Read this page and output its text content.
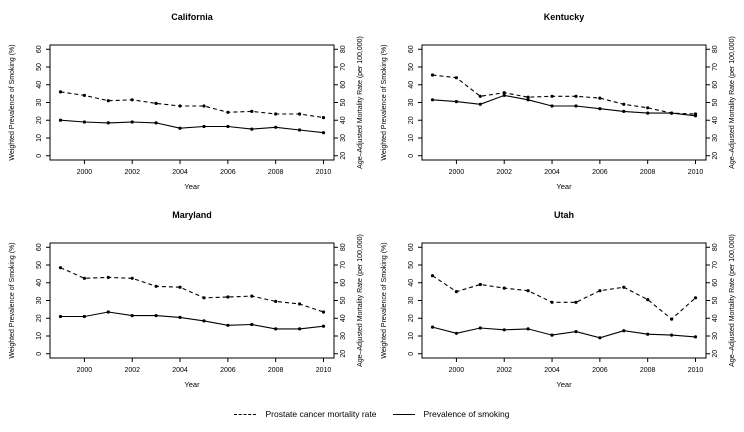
California
2000	2002	2004	2006	2008	2010
Year
0
10
20
30
40
50
60
20
30
40
50
60
70
80
Weighted Prevalence of Smoking (%)	Age–Adjusted Mortality Rate (per 100,000)
Kentucky
2000	2002	2004	2006	2008	2010
Year
0
10
20
30
40
50
60
20
30
40
50
60
70
80
Weighted Prevalence of Smoking (%)	Age–Adjusted Mortality Rate (per 100,000)
Maryland
2000	2002	2004	2006	2008	2010
Year
0
10
20
30
40
50
60
20
30
40
50
60
70
80
Weighted Prevalence of Smoking (%)	Age–Adjusted Mortality Rate (per 100,000)
Utah
2000	2002	2004	2006	2008	2010
Year
0
10
20
30
40
50
60
20
30
40
50
60
70
80
Weighted Prevalence of Smoking (%)	Age–Adjusted Mortality Rate (per 100,000)
Prostate cancer mortality rate	Prevalence of smoking
